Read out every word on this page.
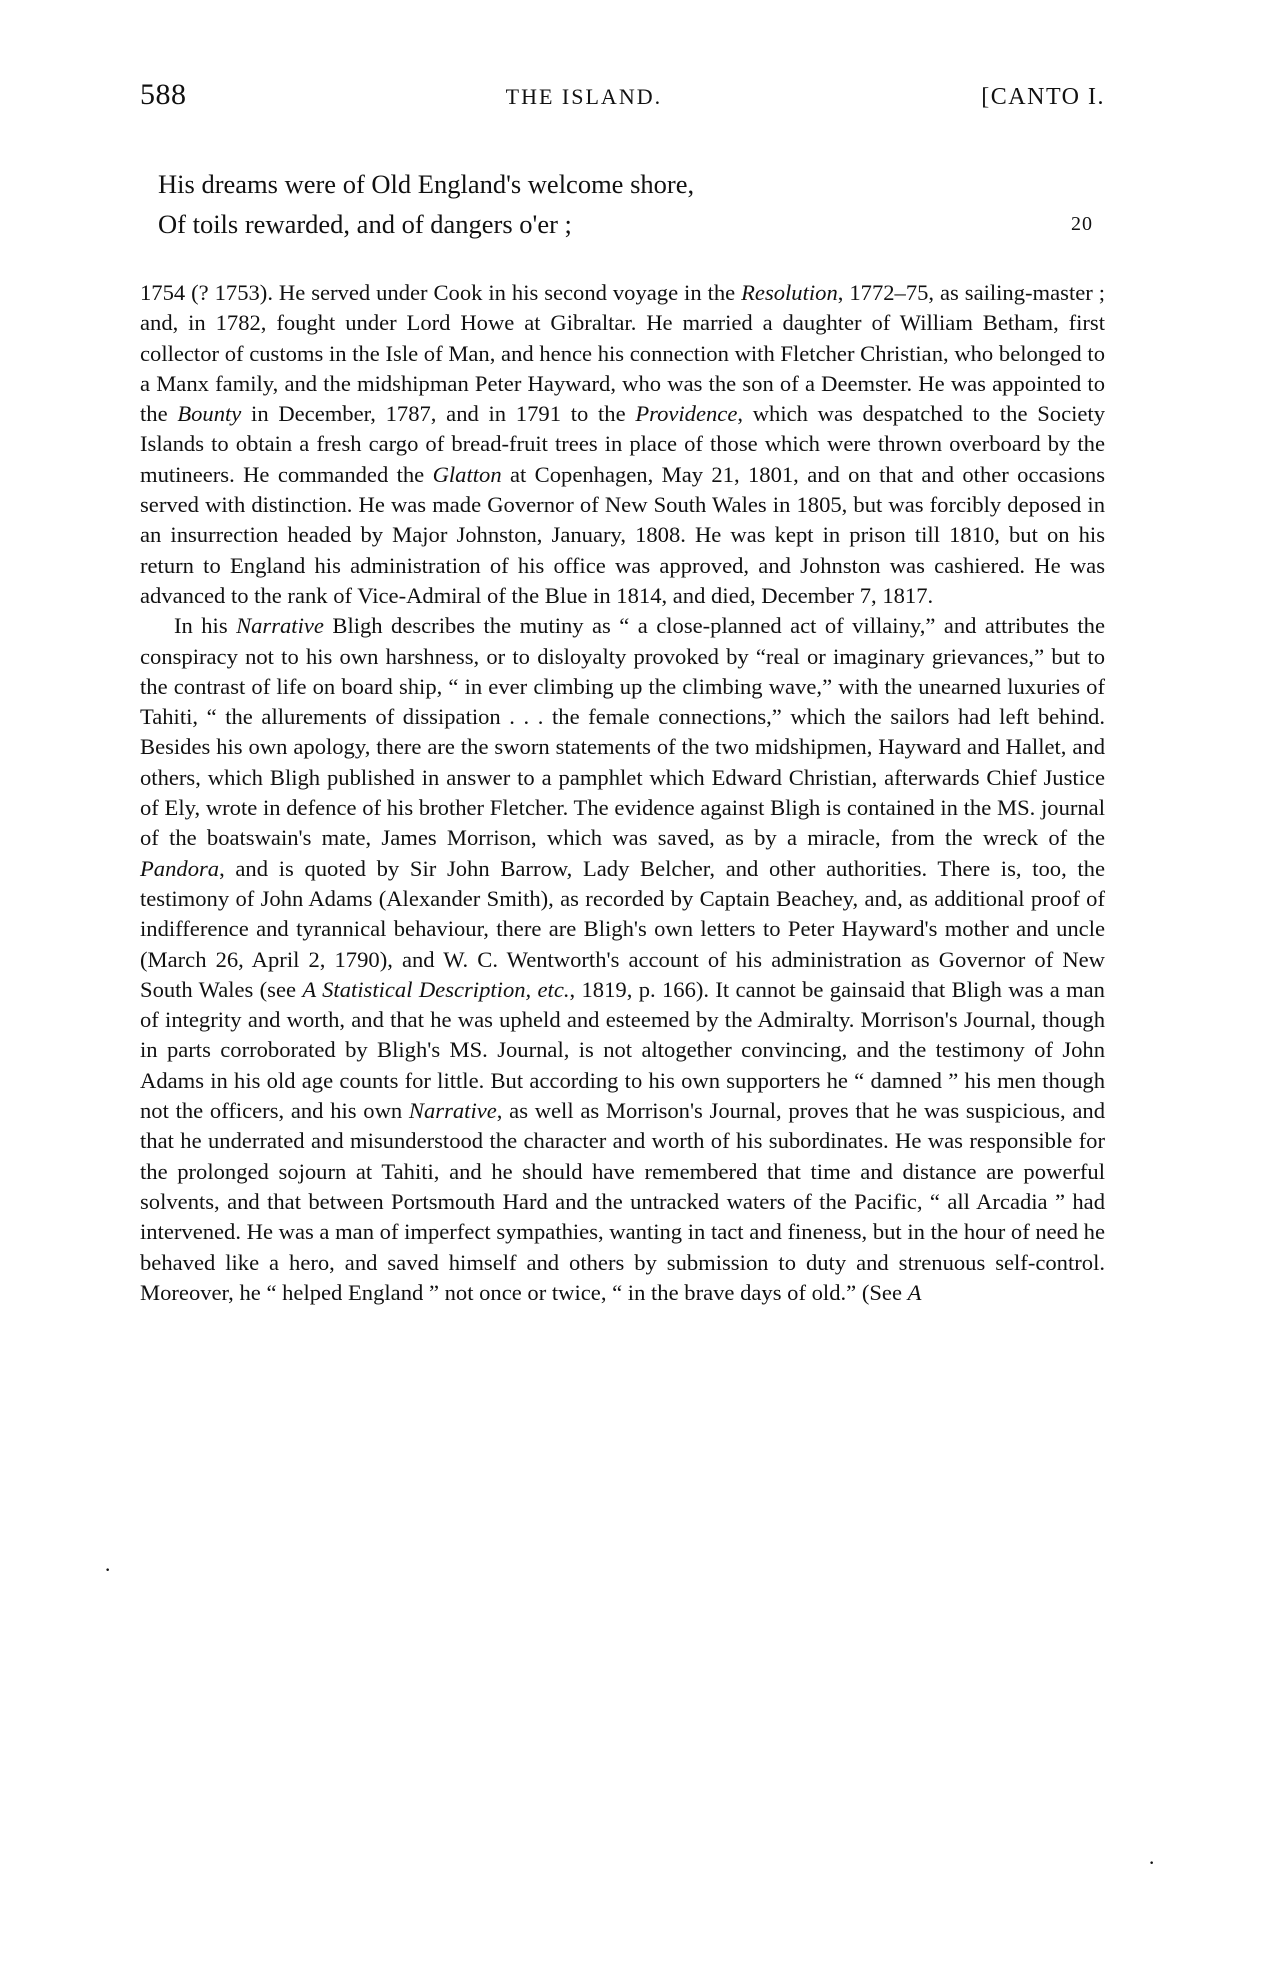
588	THE ISLAND.	[CANTO I.
His dreams were of Old England's welcome shore,
Of toils rewarded, and of dangers o'er ;	20

1754 (? 1753). He served under Cook in his second voyage in the Resolution, 1772–75, as sailing-master ; and, in 1782, fought under Lord Howe at Gibraltar. He married a daughter of William Betham, first collector of customs in the Isle of Man, and hence his connection with Fletcher Christian, who belonged to a Manx family, and the midshipman Peter Hayward, who was the son of a Deemster. He was appointed to the Bounty in December, 1787, and in 1791 to the Providence, which was despatched to the Society Islands to obtain a fresh cargo of bread-fruit trees in place of those which were thrown overboard by the mutineers. He commanded the Glatton at Copenhagen, May 21, 1801, and on that and other occasions served with distinction. He was made Governor of New South Wales in 1805, but was forcibly deposed in an insurrection headed by Major Johnston, January, 1808. He was kept in prison till 1810, but on his return to England his administration of his office was approved, and Johnston was cashiered. He was advanced to the rank of Vice-Admiral of the Blue in 1814, and died, December 7, 1817.

In his Narrative Bligh describes the mutiny as “ a close-planned act of villainy,” and attributes the conspiracy not to his own harshness, or to disloyalty provoked by “real or imaginary grievances,” but to the contrast of life on board ship, “ in ever climbing up the climbing wave,” with the unearned luxuries of Tahiti, “ the allurements of dissipation . . . the female connections,” which the sailors had left behind. Besides his own apology, there are the sworn statements of the two midshipmen, Hayward and Hallet, and others, which Bligh published in answer to a pamphlet which Edward Christian, afterwards Chief Justice of Ely, wrote in defence of his brother Fletcher. The evidence against Bligh is contained in the MS. journal of the boatswain's mate, James Morrison, which was saved, as by a miracle, from the wreck of the Pandora, and is quoted by Sir John Barrow, Lady Belcher, and other authorities. There is, too, the testimony of John Adams (Alexander Smith), as recorded by Captain Beachey, and, as additional proof of indifference and tyrannical behaviour, there are Bligh's own letters to Peter Hayward's mother and uncle (March 26, April 2, 1790), and W. C. Wentworth's account of his administration as Governor of New South Wales (see A Statistical Description, etc., 1819, p. 166). It cannot be gainsaid that Bligh was a man of integrity and worth, and that he was upheld and esteemed by the Admiralty. Morrison's Journal, though in parts corroborated by Bligh's MS. Journal, is not altogether convincing, and the testimony of John Adams in his old age counts for little. But according to his own supporters he “ damned ” his men though not the officers, and his own Narrative, as well as Morrison's Journal, proves that he was suspicious, and that he underrated and misunderstood the character and worth of his subordinates. He was responsible for the prolonged sojourn at Tahiti, and he should have remembered that time and distance are powerful solvents, and that between Portsmouth Hard and the untracked waters of the Pacific, “ all Arcadia ” had intervened. He was a man of imperfect sympathies, wanting in tact and fineness, but in the hour of need he behaved like a hero, and saved himself and others by submission to duty and strenuous self-control. Moreover, he “ helped England ” not once or twice, “ in the brave days of old.” (See A

·
·
